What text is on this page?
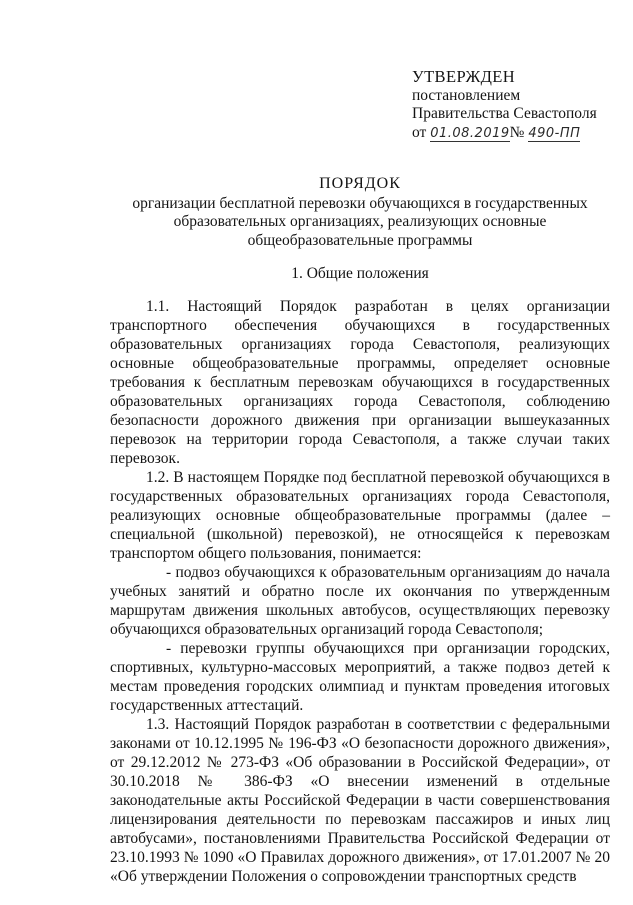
УТВЕРЖДЕН
постановлением
Правительства Севастополя
от 01.08.2019№ 490-ПП
ПОРЯДОК
организации бесплатной перевозки обучающихся в государственных
образовательных организациях, реализующих основные
общеобразовательные программы
1. Общие положения

1.1. Настоящий Порядок разработан в целях организации транспортного обеспечения обучающихся в государственных образовательных организациях города Севастополя, реализующих основные общеобразовательные программы, определяет основные требования к бесплатным перевозкам обучающихся в государственных образовательных организациях города Севастополя, соблюдению безопасности дорожного движения при организации вышеуказанных перевозок на территории города Севастополя, а также случаи таких перевозок.

1.2. В настоящем Порядке под бесплатной перевозкой обучающихся в государственных образовательных организациях города Севастополя, реализующих основные общеобразовательные программы (далее – специальной (школьной) перевозкой), не относящейся к перевозкам транспортом общего пользования, понимается:

- подвоз обучающихся к образовательным организациям до начала учебных занятий и обратно после их окончания по утвержденным маршрутам движения школьных автобусов, осуществляющих перевозку обучающихся образовательных организаций города Севастополя;

- перевозки группы обучающихся при организации городских, спортивных, культурно-массовых мероприятий, а также подвоз детей к местам проведения городских олимпиад и пунктам проведения итоговых государственных аттестаций.

1.3. Настоящий Порядок разработан в соответствии с федеральными законами от 10.12.1995 № 196-ФЗ «О безопасности дорожного движения», от 29.12.2012 № 273-ФЗ «Об образовании в Российской Федерации», от 30.10.2018 № 386-ФЗ «О внесении изменений в отдельные законодательные акты Российской Федерации в части совершенствования лицензирования деятельности по перевозкам пассажиров и иных лиц автобусами», постановлениями Правительства Российской Федерации от 23.10.1993 № 1090 «О Правилах дорожного движения», от 17.01.2007 № 20 «Об утверждении Положения о сопровождении транспортных средств
